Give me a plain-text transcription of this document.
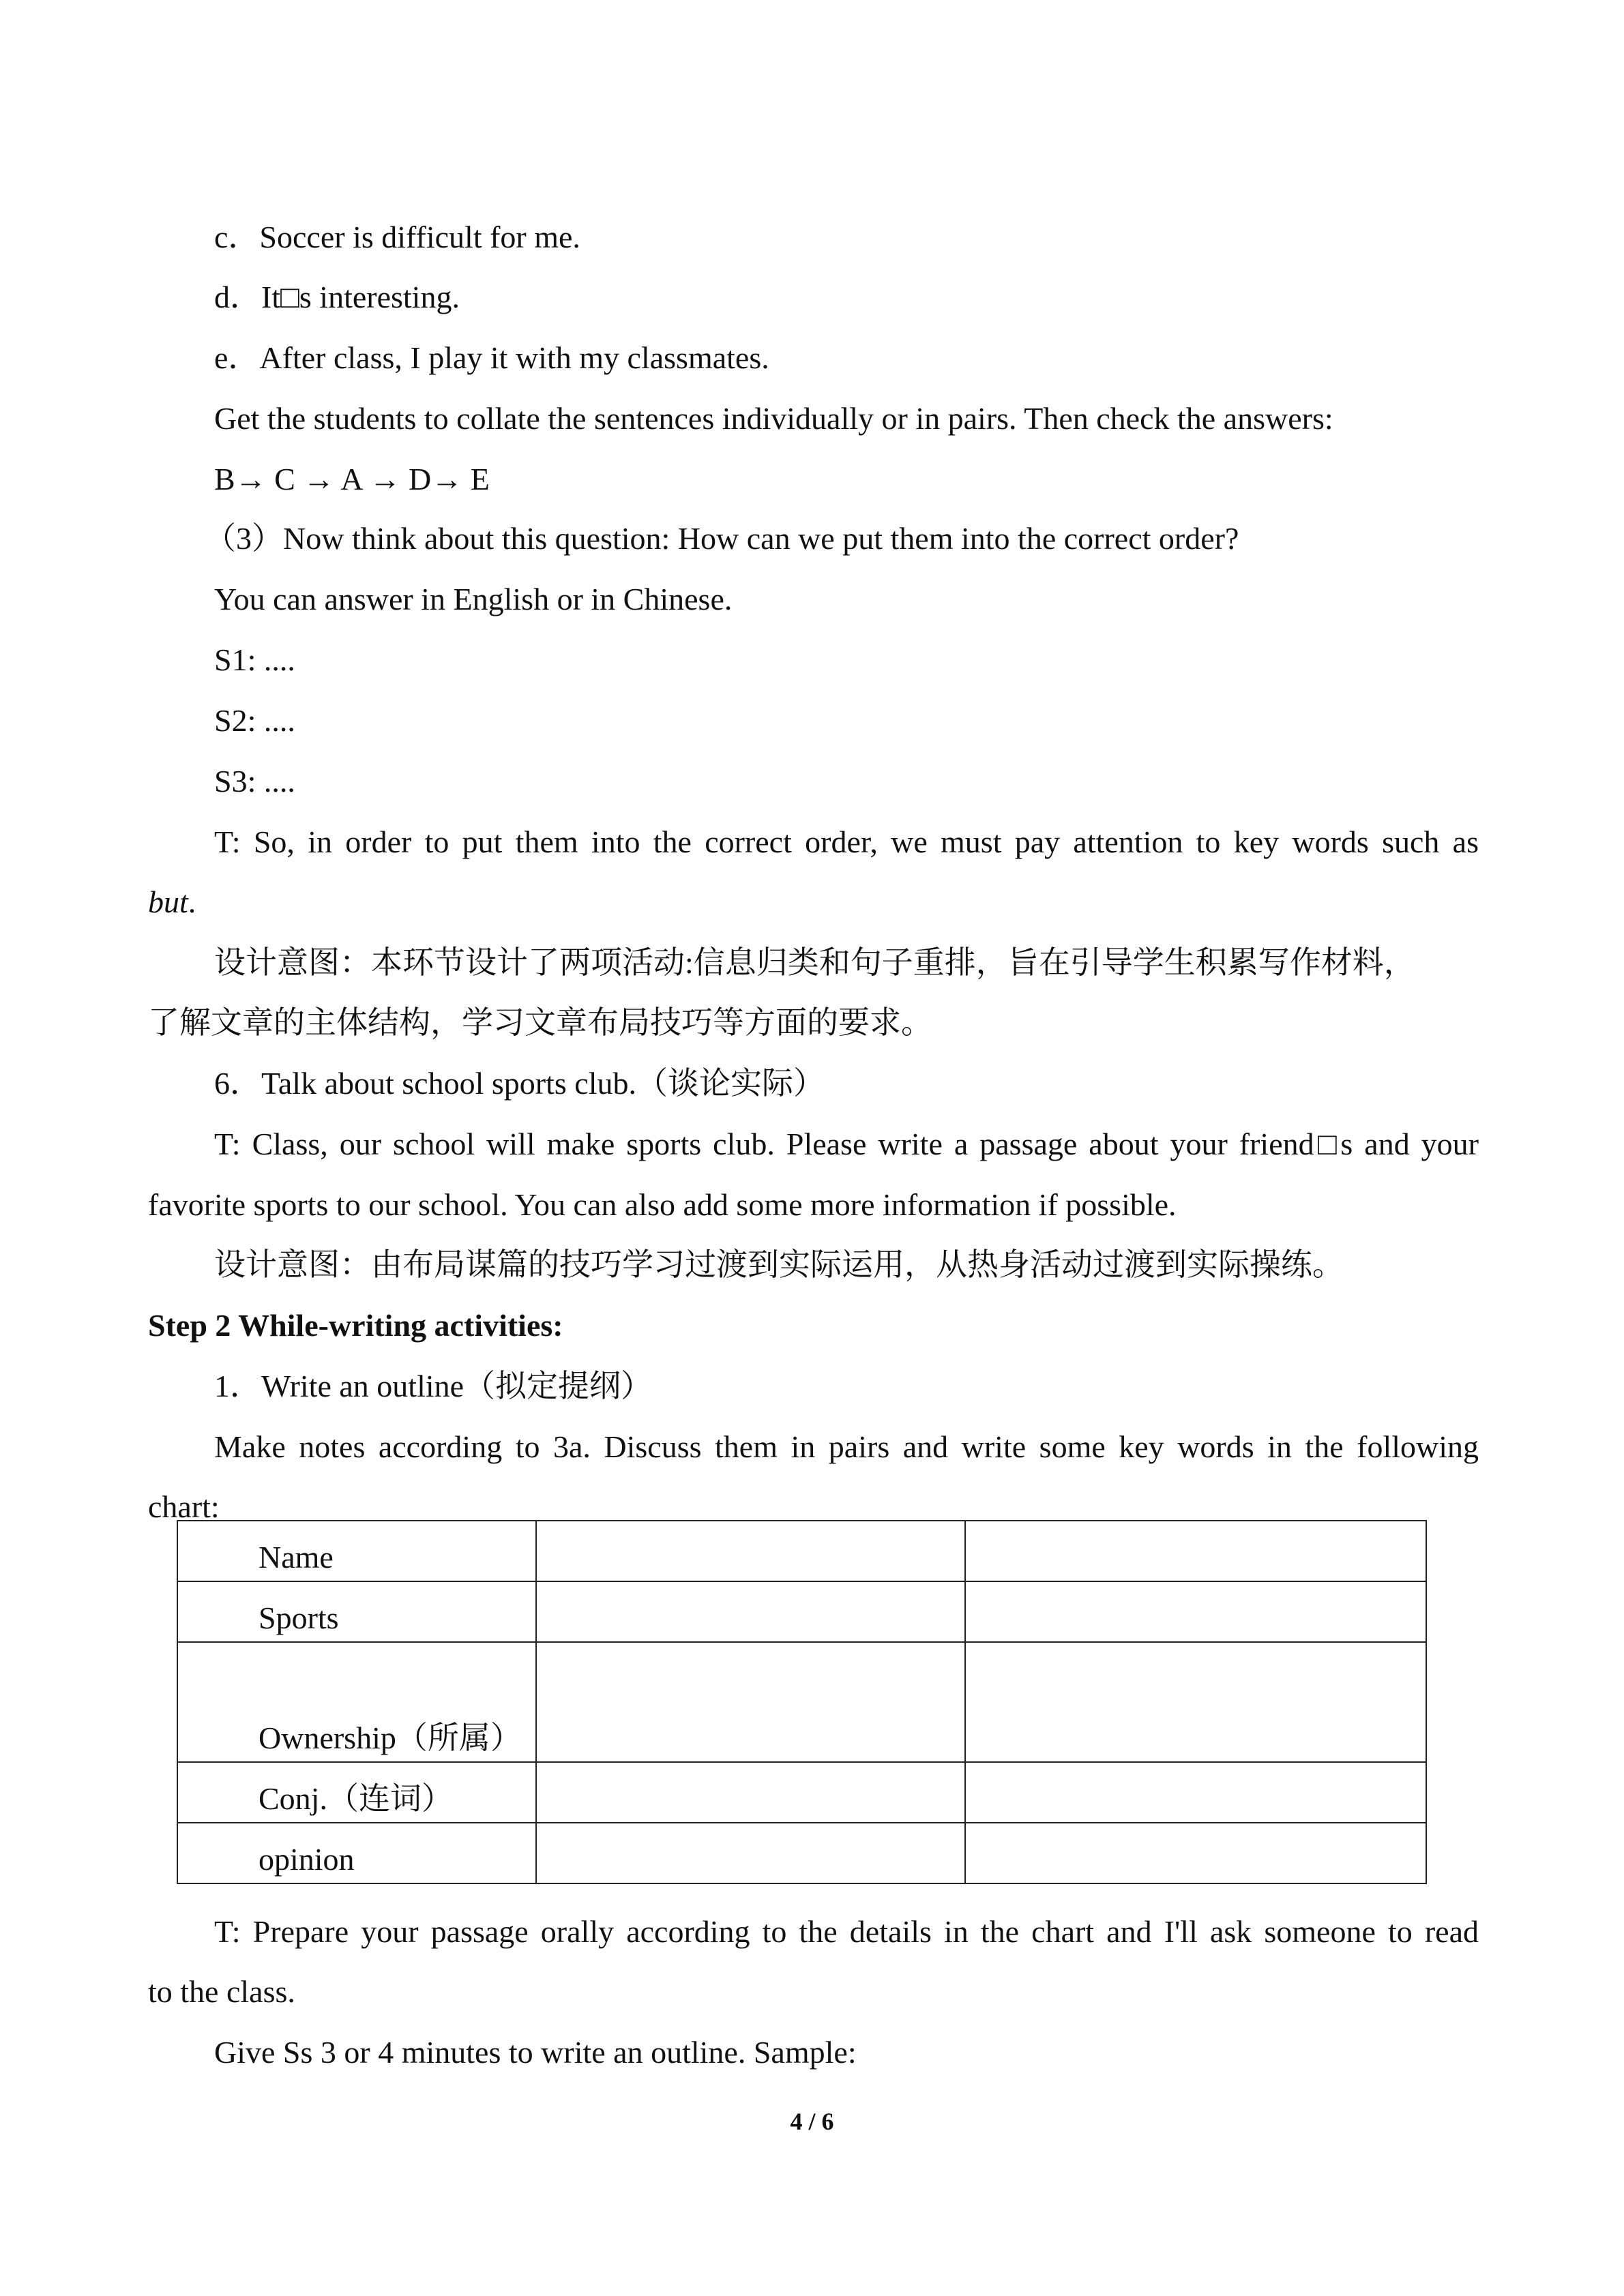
c．Soccer is difficult for me.
d．It□s interesting.
e．After class, I play it with my classmates.
Get the students to collate the sentences individually or in pairs. Then check the answers:
B→ C → A → D→ E
（3）Now think about this question: How can we put them into the correct order?
You can answer in English or in Chinese.
S1: ....
S2: ....
S3: ....
T: So, in order to put them into the correct order, we must pay attention to key words such as
but.
设计意图：本环节设计了两项活动:信息归类和句子重排，旨在引导学生积累写作材料，
了解文章的主体结构，学习文章布局技巧等方面的要求。
6．Talk about school sports club.（谈论实际）
T: Class, our school will make sports club. Please write a passage about your friend□s and your
favorite sports to our school. You can also add some more information if possible.
设计意图：由布局谋篇的技巧学习过渡到实际运用，从热身活动过渡到实际操练。
Step 2 While-writing activities:
1．Write an outline（拟定提纲）
Make notes according to 3a. Discuss them in pairs and write some key words in the following
chart:
Name		
Sports		
Ownership（所属）		
Conj.（连词）		
opinion		
T: Prepare your passage orally according to the details in the chart and I'll ask someone to read
to the class.
Give Ss 3 or 4 minutes to write an outline. Sample:
4 / 6
